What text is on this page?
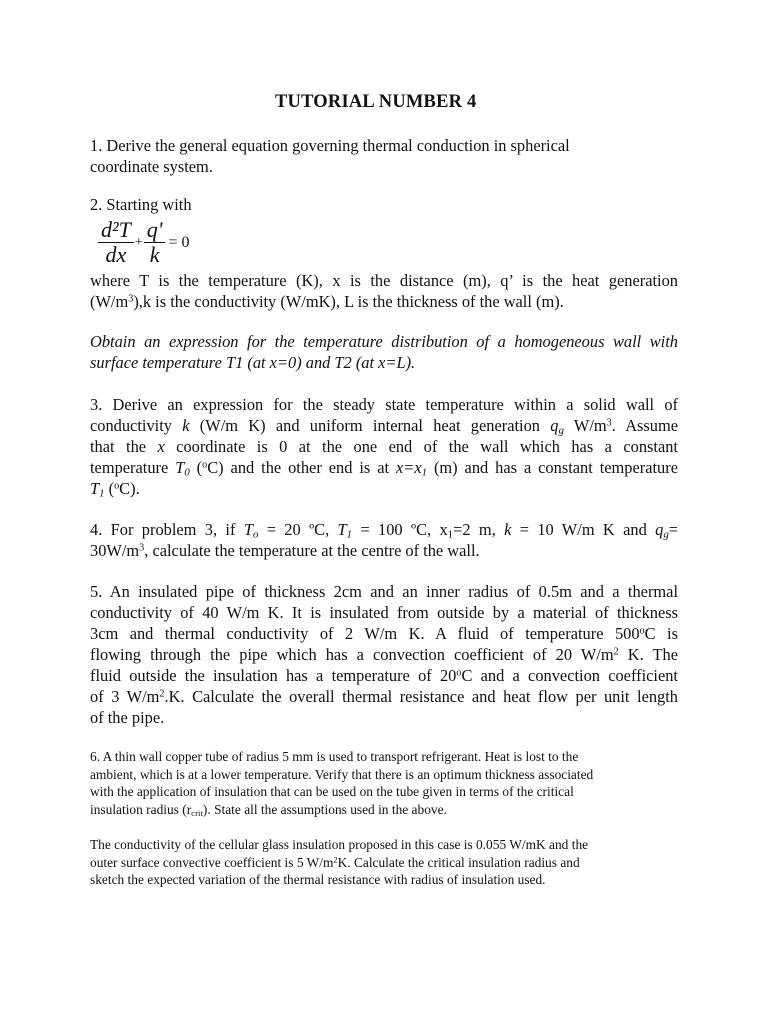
TUTORIAL NUMBER 4
1. Derive the general equation governing thermal conduction in spherical
coordinate system.
2. Starting with
$\frac{\text{d²T}}{dx} + \frac{q'}{k} = 0$
where T is the temperature (K), x is the distance (m), q’ is the heat generation
$(W/m^3),k$ is the conductivity (W/mK), L is the thickness of the wall (m).
Obtain an expression for the temperature distribution of a homogeneous wall with
surface temperature T1 (at x=0) and T2 (at x=L).
3. Derive an expression for the steady state temperature within a solid wall of
conductivity k (W/m K) and uniform internal heat generation $q_g$ $W/m^3$. Assume
that the x coordinate is 0 at the one end of the wall which has a constant
temperature $T_0$ ($^o$C) and the other end is at $x=x_1$ (m) and has a constant temperature
$T_1$ ($^o$C).
4. For problem 3, if $T_o = 20$ ºC, $T_1 = 100$ ºC, $x_1=2$ m, k = 10 W/m K and $q_g=$
$30W/m^3$, calculate the temperature at the centre of the wall.
5. An insulated pipe of thickness 2cm and an inner radius of 0.5m and a thermal
conductivity of 40 W/m K. It is insulated from outside by a material of thickness
3cm and thermal conductivity of 2 W/m K. A fluid of temperature 500$^o$C is
flowing through the pipe which has a convection coefficient of 20 $W/m^2$ K. The
fluid outside the insulation has a temperature of 20$^o$C and a convection coefficient
of 3 $W/m^2.K$. Calculate the overall thermal resistance and heat flow per unit length
of the pipe.
6. A thin wall copper tube of radius 5 mm is used to transport refrigerant. Heat is lost to the
ambient, which is at a lower temperature. Verify that there is an optimum thickness associated
with the application of insulation that can be used on the tube given in terms of the critical
insulation radius $(r_{crit})$. State all the assumptions used in the above.
The conductivity of the cellular glass insulation proposed in this case is 0.055 W/mK and the
outer surface convective coefficient is 5 $W/m^2K$. Calculate the critical insulation radius and
sketch the expected variation of the thermal resistance with radius of insulation used.
